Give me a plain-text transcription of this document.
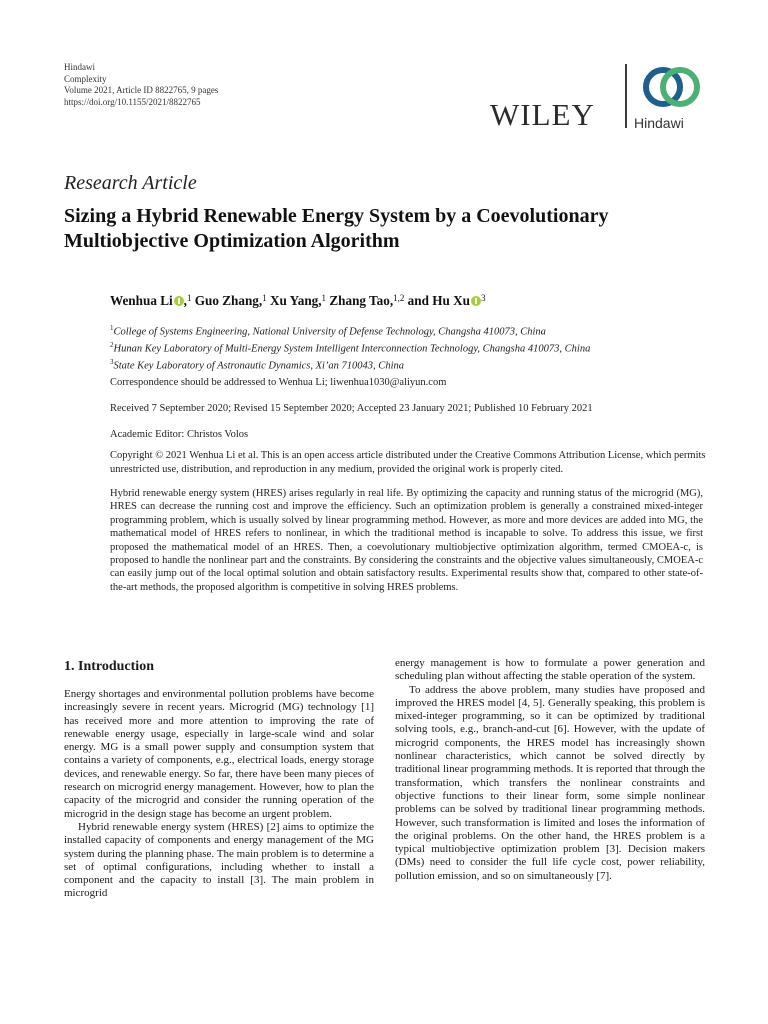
Hindawi
Complexity
Volume 2021, Article ID 8822765, 9 pages
https://doi.org/10.1155/2021/8822765	WILEY	Hindawi
Research Article
Sizing a Hybrid Renewable Energy System by a Coevolutionary Multiobjective Optimization Algorithm
Wenhua Li ,$^1$ Guo Zhang,$^1$ Xu Yang,$^1$ Zhang Tao,$^{1,2}$ and Hu Xu $^3$
$^1$College of Systems Engineering, National University of Defense Technology, Changsha 410073, China
$^2$Hunan Key Laboratory of Multi-Energy System Intelligent Interconnection Technology, Changsha 410073, China
$^3$State Key Laboratory of Astronautic Dynamics, Xi’an 710043, China
Correspondence should be addressed to Wenhua Li; liwenhua1030@aliyun.com
Received 7 September 2020; Revised 15 September 2020; Accepted 23 January 2021; Published 10 February 2021
Academic Editor: Christos Volos
Copyright © 2021 Wenhua Li et al. This is an open access article distributed under the Creative Commons Attribution License, which permits unrestricted use, distribution, and reproduction in any medium, provided the original work is properly cited.

Hybrid renewable energy system (HRES) arises regularly in real life. By optimizing the capacity and running status of the microgrid (MG), HRES can decrease the running cost and improve the efficiency. Such an optimization problem is generally a constrained mixed-integer programming problem, which is usually solved by linear programming method. However, as more and more devices are added into MG, the mathematical model of HRES refers to nonlinear, in which the traditional method is incapable to solve. To address this issue, we first proposed the mathematical model of an HRES. Then, a coevolutionary multiobjective optimization algorithm, termed CMOEA-c, is proposed to handle the nonlinear part and the constraints. By considering the constraints and the objective values simultaneously, CMOEA-c can easily jump out of the local optimal solution and obtain satisfactory results. Experimental results show that, compared to other state-of-the-art methods, the proposed algorithm is competitive in solving HRES problems.

1. Introduction

Energy shortages and environmental pollution problems have become increasingly severe in recent years. Microgrid (MG) technology [1] has received more and more attention to improving the rate of renewable energy usage, especially in large-scale wind and solar energy. MG is a small power supply and consumption system that contains a variety of components, e.g., electrical loads, energy storage devices, and renewable energy. So far, there have been many pieces of research on microgrid energy management. However, how to plan the capacity of the microgrid and consider the running operation of the microgrid in the design stage has become an urgent problem.

Hybrid renewable energy system (HRES) [2] aims to optimize the installed capacity of components and energy management of the MG system during the planning phase. The main problem is to determine a set of optimal configurations, including whether to install a component and the capacity to install [3]. The main problem in microgrid

energy management is how to formulate a power generation and scheduling plan without affecting the stable operation of the system.

To address the above problem, many studies have proposed and improved the HRES model [4, 5]. Generally speaking, this problem is mixed-integer programming, so it can be optimized by traditional solving tools, e.g., branch-and-cut [6]. However, with the update of microgrid components, the HRES model has increasingly shown nonlinear characteristics, which cannot be solved directly by traditional linear programming methods. It is reported that through the transformation, which transfers the nonlinear constraints and objective functions to their linear form, some simple nonlinear problems can be solved by traditional linear programming methods. However, such transformation is limited and loses the information of the original problems. On the other hand, the HRES problem is a typical multiobjective optimization problem [3]. Decision makers (DMs) need to consider the full life cycle cost, power reliability, pollution emission, and so on simultaneously [7].
